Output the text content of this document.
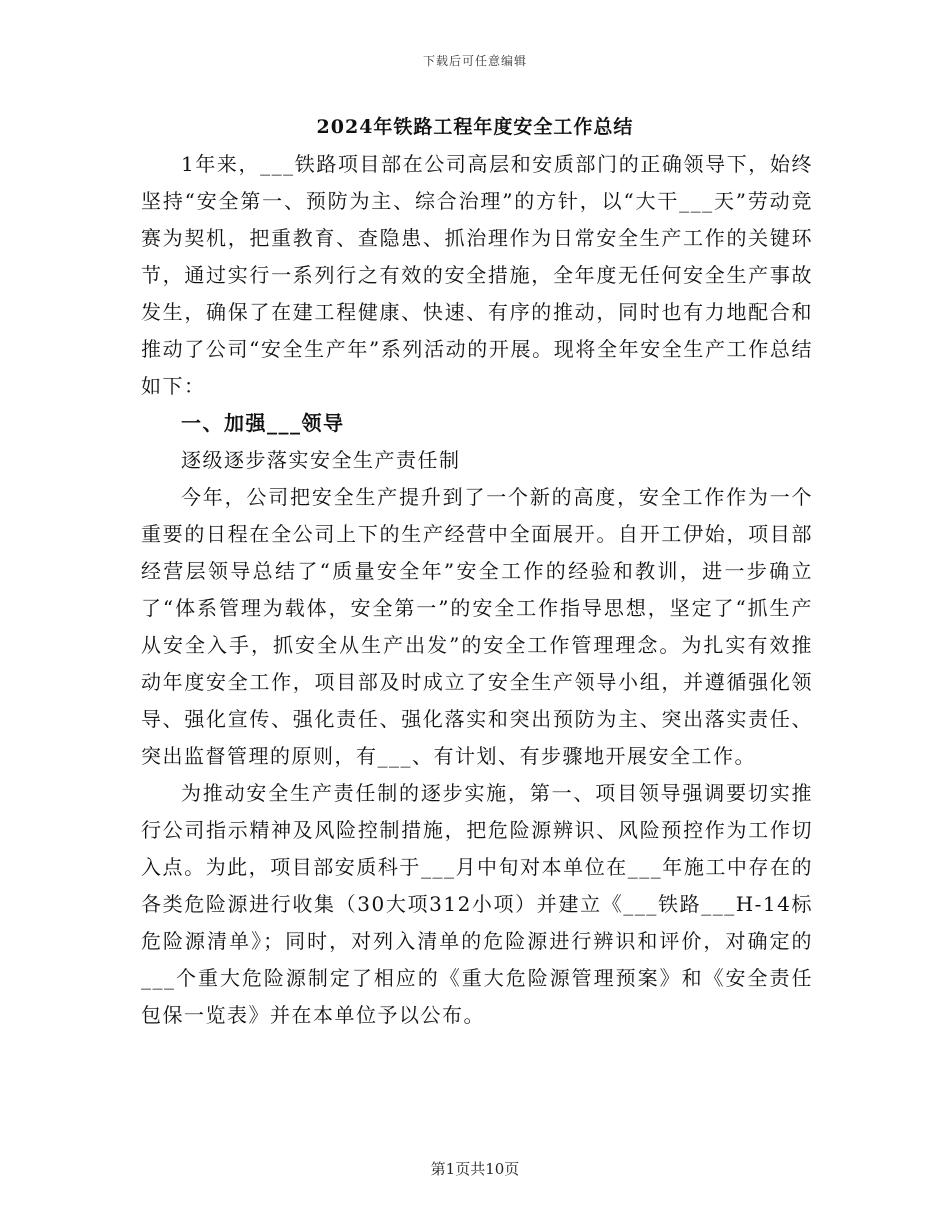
下载后可任意编辑
2024年铁路工程年度安全工作总结

1年来，___铁路项目部在公司高层和安质部门的正确领导下，始终坚持“安全第一、预防为主、综合治理”的方针，以“大干___天”劳动竞赛为契机，把重教育、查隐患、抓治理作为日常安全生产工作的关键环节，通过实行一系列行之有效的安全措施，全年度无任何安全生产事故发生，确保了在建工程健康、快速、有序的推动，同时也有力地配合和推动了公司“安全生产年”系列活动的开展。现将全年安全生产工作总结如下：

一、加强___领导

逐级逐步落实安全生产责任制

今年，公司把安全生产提升到了一个新的高度，安全工作作为一个重要的日程在全公司上下的生产经营中全面展开。自开工伊始，项目部经营层领导总结了“质量安全年”安全工作的经验和教训，进一步确立了“体系管理为载体，安全第一”的安全工作指导思想，坚定了“抓生产从安全入手，抓安全从生产出发”的安全工作管理理念。为扎实有效推动年度安全工作，项目部及时成立了安全生产领导小组，并遵循强化领导、强化宣传、强化责任、强化落实和突出预防为主、突出落实责任、突出监督管理的原则，有___、有计划、有步骤地开展安全工作。

为推动安全生产责任制的逐步实施，第一、项目领导强调要切实推行公司指示精神及风险控制措施，把危险源辨识、风险预控作为工作切入点。为此，项目部安质科于___月中旬对本单位在___年施工中存在的各类危险源进行收集（30大项312小项）并建立《___铁路___H-14标危险源清单》；同时，对列入清单的危险源进行辨识和评价，对确定的___个重大危险源制定了相应的《重大危险源管理预案》和《安全责任包保一览表》并在本单位予以公布。

第1页共10页
